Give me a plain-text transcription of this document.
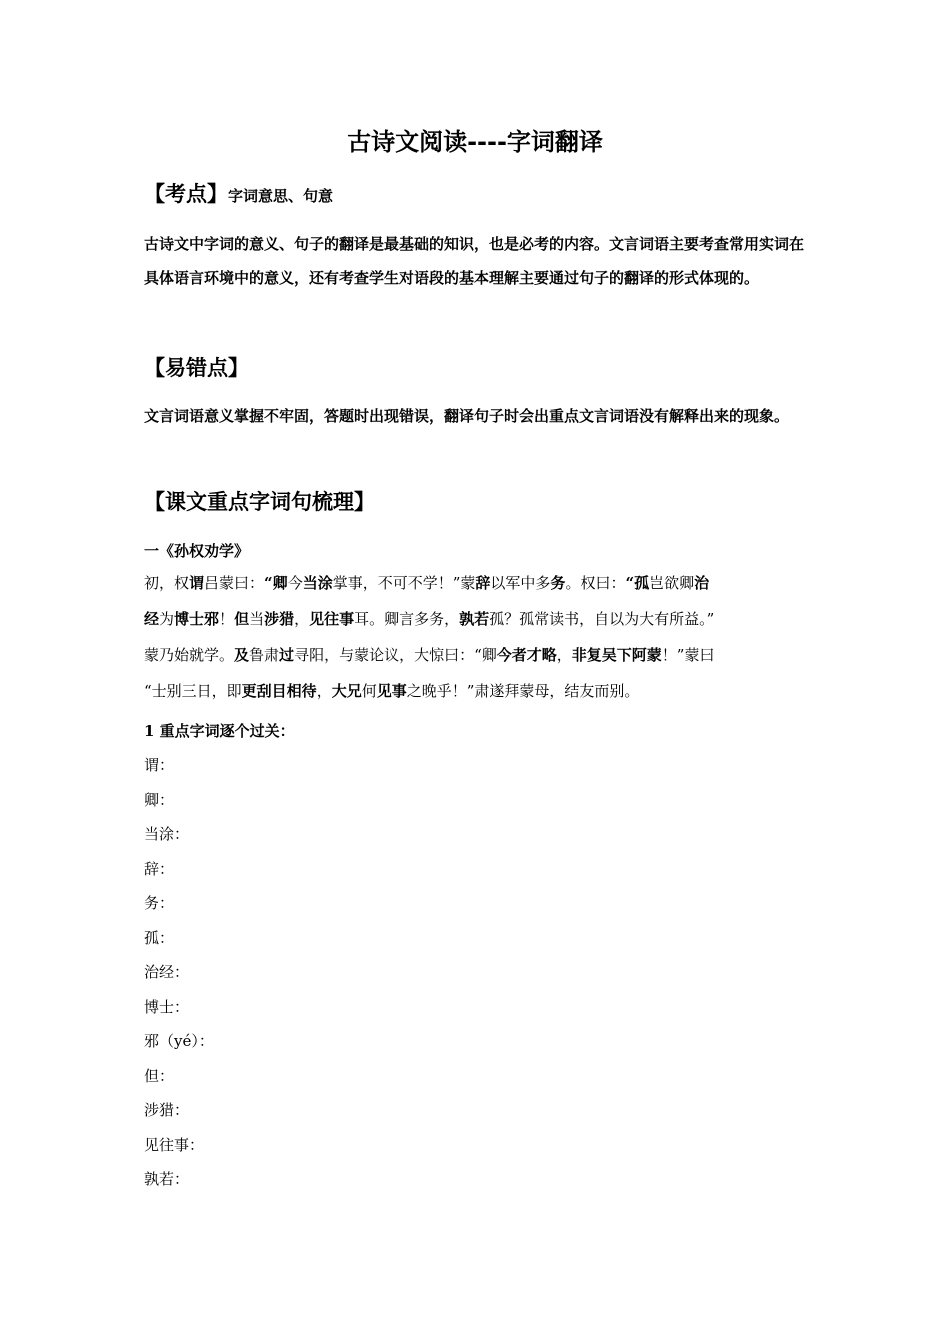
古诗文阅读----字词翻译
【考点】字词意思、句意
古诗文中字词的意义、句子的翻译是最基础的知识，也是必考的内容。文言词语主要考查常用实词在具体语言环境中的意义，还有考查学生对语段的基本理解主要通过句子的翻译的形式体现的。
【易错点】
文言词语意义掌握不牢固，答题时出现错误，翻译句子时会出重点文言词语没有解释出来的现象。
【课文重点字词句梳理】
一《孙权劝学》
初，权谓吕蒙曰：“卿今当涂掌事，不可不学！”蒙辞以军中多务。权曰：“孤岂欲卿治
经为博士邪！但当涉猎，见往事耳。卿言多务，孰若孤？孤常读书，自以为大有所益。”
蒙乃始就学。及鲁肃过寻阳，与蒙论议，大惊曰：“卿今者才略，非复吴下阿蒙！”蒙曰
“士别三日，即更刮目相待，大兄何见事之晚乎！”肃遂拜蒙母，结友而别。
1 重点字词逐个过关：
谓：
卿：
当涂：
辞：
务：
孤：
治经：
博士：
邪（yé）：
但：
涉猎：
见往事：
孰若：
